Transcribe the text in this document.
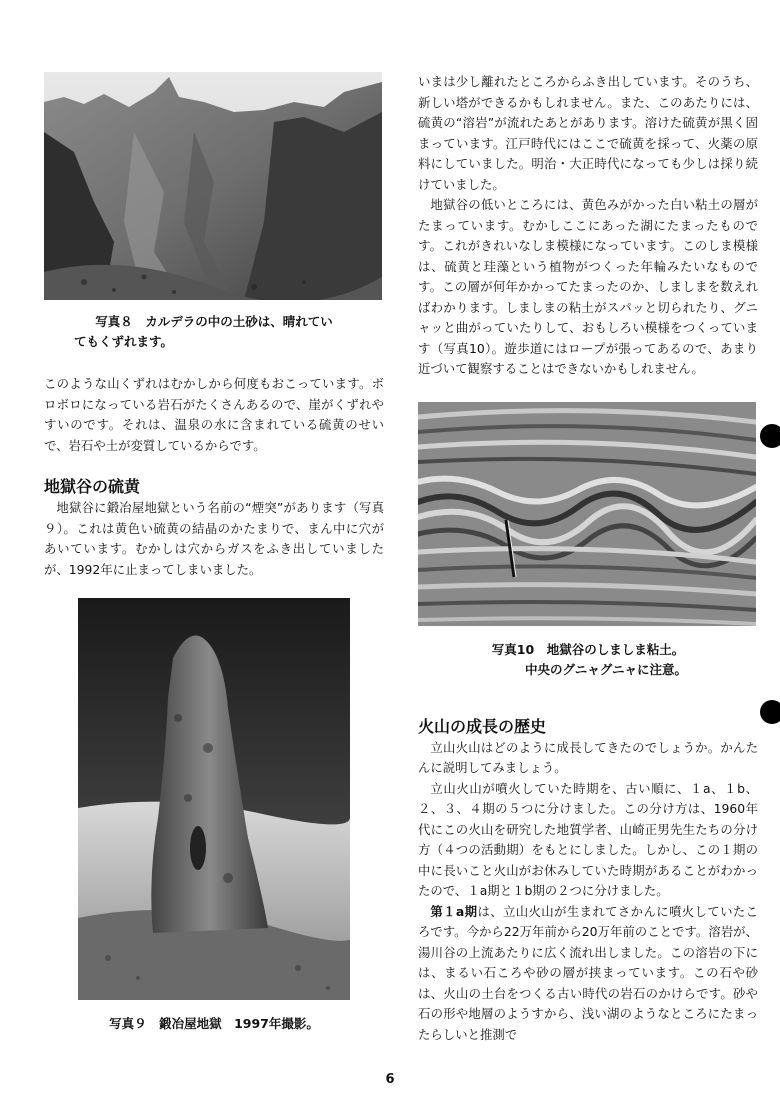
写真８　カルデラの中の土砂は、晴れてい

てもくずれます。

このような山くずれはむかしから何度もおこっています。ボロボロになっている岩石がたくさんあるので、崖がくずれやすいのです。それは、温泉の水に含まれている硫黄のせいで、岩石や土が変質しているからです。

地獄谷の硫黄

地獄谷に鍛冶屋地獄という名前の“煙突”があります（写真９）。これは黄色い硫黄の結晶のかたまりで、まん中に穴があいています。むかしは穴からガスをふき出していましたが、1992年に止まってしまいました。

写真９　鍛冶屋地獄　1997年撮影。

いまは少し離れたところからふき出しています。そのうち、新しい塔ができるかもしれません。また、このあたりには、硫黄の“溶岩”が流れたあとがあります。溶けた硫黄が黒く固まっています。江戸時代にはここで硫黄を採って、火薬の原料にしていました。明治・大正時代になっても少しは採り続けていました。

地獄谷の低いところには、黄色みがかった白い粘土の層がたまっています。むかしここにあった湖にたまったものです。これがきれいなしま模様になっています。このしま模様は、硫黄と珪藻という植物がつくった年輪みたいなものです。この層が何年かかってたまったのか、しましまを数えればわかります。しましまの粘土がスパッと切られたり、グニャッと曲がっていたりして、おもしろい模様をつくっています（写真10）。遊歩道にはロープが張ってあるので、あまり近づいて観察することはできないかもしれません。

写真10　地獄谷のしましま粘土。
中央のグニャグニャに注意。
火山の成長の歴史

立山火山はどのように成長してきたのでしょうか。かんたんに説明してみましょう。

立山火山が噴火していた時期を、古い順に、１a、１b、２、３、４期の５つに分けました。この分け方は、1960年代にこの火山を研究した地質学者、山崎正男先生たちの分け方（４つの活動期）をもとにしました。しかし、この１期の中に長いこと火山がお休みしていた時期があることがわかったので、１a期と１b期の２つに分けました。

第１a期は、立山火山が生まれてさかんに噴火していたころです。今から22万年前から20万年前のことです。溶岩が、湯川谷の上流あたりに広く流れ出しました。この溶岩の下には、まるい石ころや砂の層が挟まっています。この石や砂は、火山の土台をつくる古い時代の岩石のかけらです。砂や石の形や地層のようすから、浅い湖のようなところにたまったらしいと推測で

6
